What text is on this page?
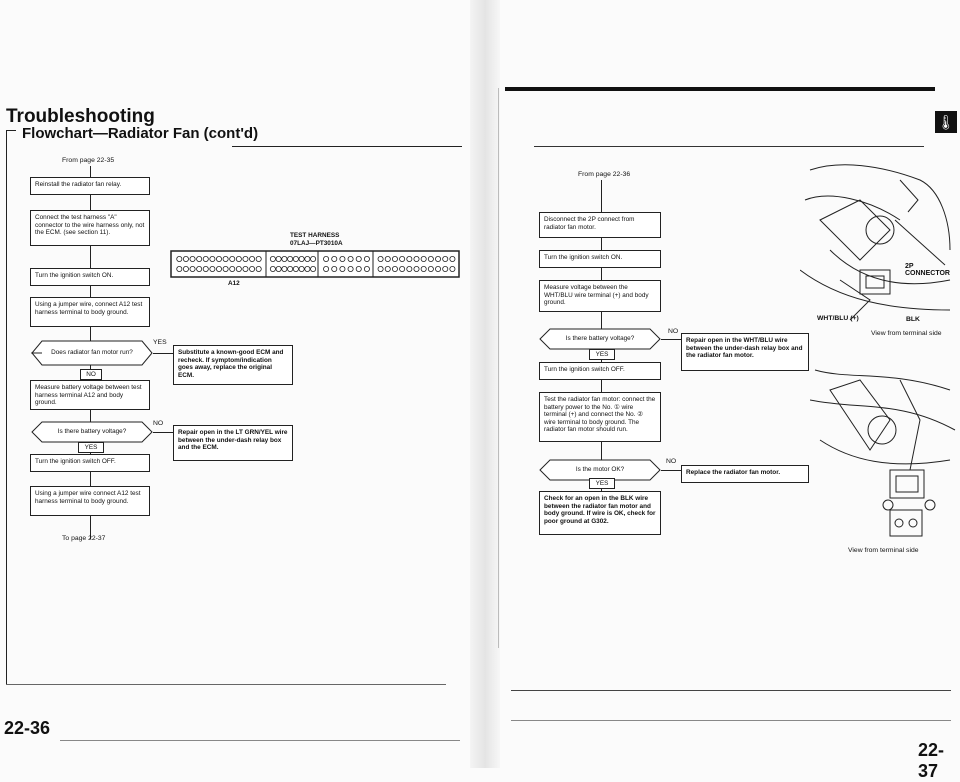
Troubleshooting
Flowchart—Radiator Fan (cont'd)
From page 22-35
Reinstall the radiator fan relay.
Connect the test harness "A" connector to the wire harness only, not the ECM. (see section 11).
Turn the ignition switch ON.
Using a jumper wire, connect A12 test harness terminal to body ground.
Does radiator fan motor run?
YES
NO
Measure battery voltage between test harness terminal A12 and body ground.
Is there battery voltage?
NO
YES
Turn the ignition switch OFF.
Using a jumper wire connect A12 test harness terminal to body ground.
To page 22-37
Substitute a known-good ECM and recheck. If symptom/indication goes away, replace the original ECM.
Repair open in the LT GRN/YEL wire between the under-dash relay box and the ECM.
TEST HARNESS
07LAJ—PT3010A
A12
22-36
🌡
From page 22-36
Disconnect the 2P connect from radiator fan motor.
Turn the ignition switch ON.
Measure voltage between the WHT/BLU wire terminal (+) and body ground.
Is there battery voltage?
NO
YES
Turn the ignition switch OFF.
Test the radiator fan motor: connect the battery power to the No. ① wire terminal (+) and connect the No. ② wire terminal to body ground. The radiator fan motor should run.
Is the motor OK?
NO
YES
Check for an open in the BLK wire between the radiator fan motor and body ground. If wire is OK, check for poor ground at G302.
Repair open in the WHT/BLU wire between the under-dash relay box and the radiator fan motor.
Replace the radiator fan motor.
2P CONNECTOR
WHT/BLU (+)	BLK
View from terminal side
View from terminal side
22-37
